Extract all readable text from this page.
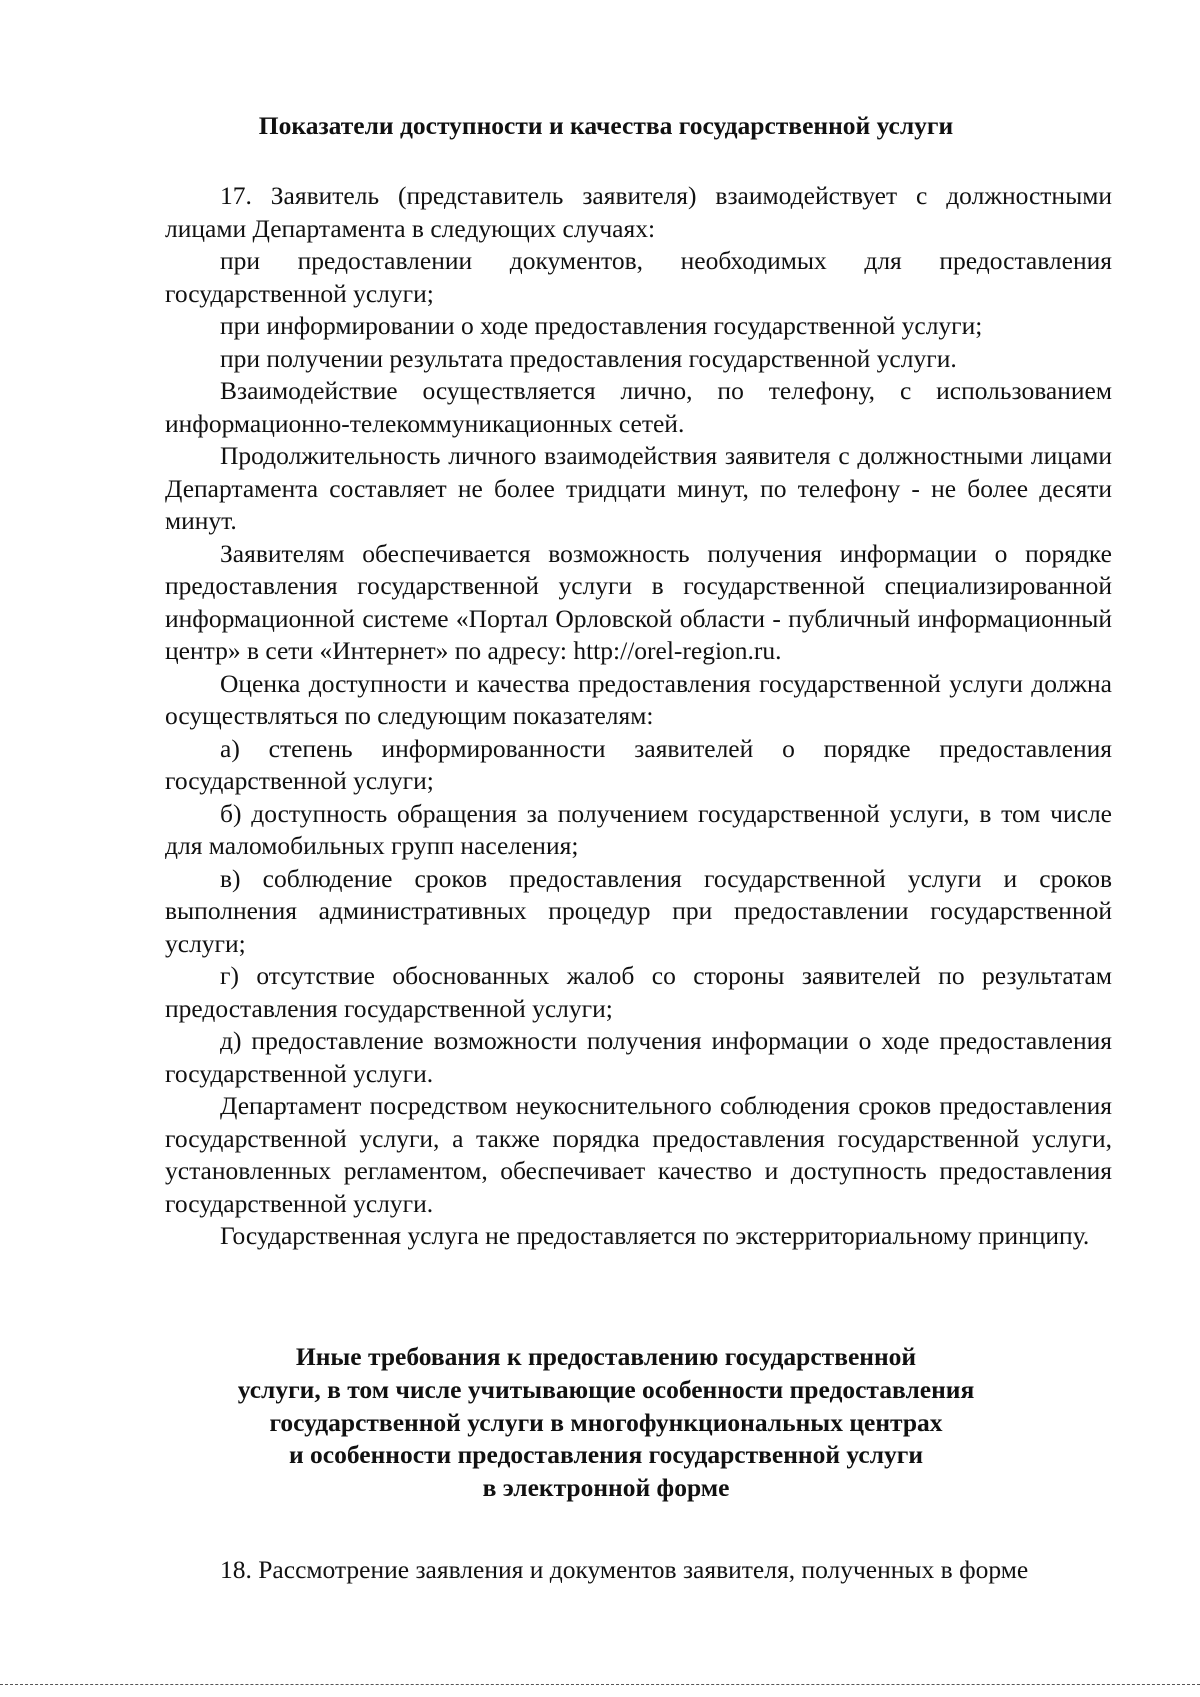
Показатели доступности и качества государственной услуги

17. Заявитель (представитель заявителя) взаимодействует с должностными лицами Департамента в следующих случаях:

при предоставлении документов, необходимых для предоставления государственной услуги;

при информировании о ходе предоставления государственной услуги;

при получении результата предоставления государственной услуги.

Взаимодействие осуществляется лично, по телефону, с использованием информационно-телекоммуникационных сетей.

Продолжительность личного взаимодействия заявителя с должностными лицами Департамента составляет не более тридцати минут, по телефону - не более десяти минут.

Заявителям обеспечивается возможность получения информации о порядке предоставления государственной услуги в государственной специализированной информационной системе «Портал Орловской области - публичный информационный центр» в сети «Интернет» по адресу: http://orel-region.ru.

Оценка доступности и качества предоставления государственной услуги должна осуществляться по следующим показателям:

а) степень информированности заявителей о порядке предоставления государственной услуги;

б) доступность обращения за получением государственной услуги, в том числе для маломобильных групп населения;

в) соблюдение сроков предоставления государственной услуги и сроков выполнения административных процедур при предоставлении государственной услуги;

г) отсутствие обоснованных жалоб со стороны заявителей по результатам предоставления государственной услуги;

д) предоставление возможности получения информации о ходе предоставления государственной услуги.

Департамент посредством неукоснительного соблюдения сроков предоставления государственной услуги, а также порядка предоставления государственной услуги, установленных регламентом, обеспечивает качество и доступность предоставления государственной услуги.

Государственная услуга не предоставляется по экстерриториальному принципу.

Иные требования к предоставлению государственной
услуги, в том числе учитывающие особенности предоставления
государственной услуги в многофункциональных центрах
и особенности предоставления государственной услуги
в электронной форме

18. Рассмотрение заявления и документов заявителя, полученных в форме
